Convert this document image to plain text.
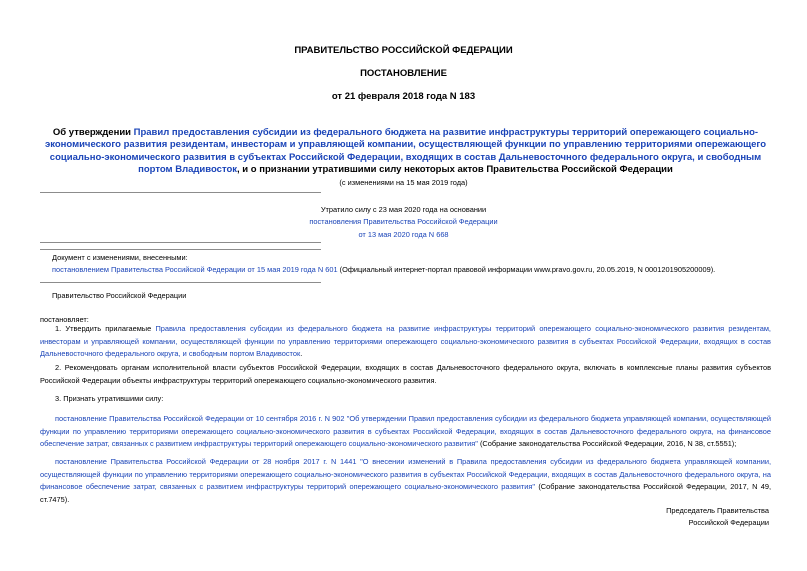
ПРАВИТЕЛЬСТВО РОССИЙСКОЙ ФЕДЕРАЦИИ
ПОСТАНОВЛЕНИЕ
от 21 февраля 2018 года N 183
Об утверждении Правил предоставления субсидии из федерального бюджета на развитие инфраструктуры территорий опережающего социально-экономического развития резидентам, инвесторам и управляющей компании, осуществляющей функции по управлению территориями опережающего социально-экономического развития в субъектах Российской Федерации, входящих в состав Дальневосточного федерального округа, и свободным портом Владивосток, и о признании утратившими силу некоторых актов Правительства Российской Федерации
(с изменениями на 15 мая 2019 года)
Утратило силу с 23 мая 2020 года на основании
постановления Правительства Российской Федерации
от 13 мая 2020 года N 668
Документ с изменениями, внесенными:
постановлением Правительства Российской Федерации от 15 мая 2019 года N 601 (Официальный интернет-портал правовой информации www.pravo.gov.ru, 20.05.2019, N 0001201905200009).
Правительство Российской Федерации
постановляет:
1. Утвердить прилагаемые Правила предоставления субсидии из федерального бюджета на развитие инфраструктуры территорий опережающего социально-экономического развития резидентам, инвесторам и управляющей компании, осуществляющей функции по управлению территориями опережающего социально-экономического развития в субъектах Российской Федерации, входящих в состав Дальневосточного федерального округа, и свободным портом Владивосток.
2. Рекомендовать органам исполнительной власти субъектов Российской Федерации, входящих в состав Дальневосточного федерального округа, включать в комплексные планы развития субъектов Российской Федерации объекты инфраструктуры территорий опережающего социально-экономического развития.
3. Признать утратившими силу:
постановление Правительства Российской Федерации от 10 сентября 2016 г. N 902 "Об утверждении Правил предоставления субсидии из федерального бюджета управляющей компании, осуществляющей функции по управлению территориями опережающего социально-экономического развития в субъектах Российской Федерации, входящих в состав Дальневосточного федерального округа, на финансовое обеспечение затрат, связанных с развитием инфраструктуры территорий опережающего социально-экономического развития" (Собрание законодательства Российской Федерации, 2016, N 38, ст.5551);
постановление Правительства Российской Федерации от 28 ноября 2017 г. N 1441 "О внесении изменений в Правила предоставления субсидии из федерального бюджета управляющей компании, осуществляющей функции по управлению территориями опережающего социально-экономического развития в субъектах Российской Федерации, входящих в состав Дальневосточного федерального округа, на финансовое обеспечение затрат, связанных с развитием инфраструктуры территорий опережающего социально-экономического развития" (Собрание законодательства Российской Федерации, 2017, N 49, ст.7475).
Председатель Правительства
Российской Федерации
